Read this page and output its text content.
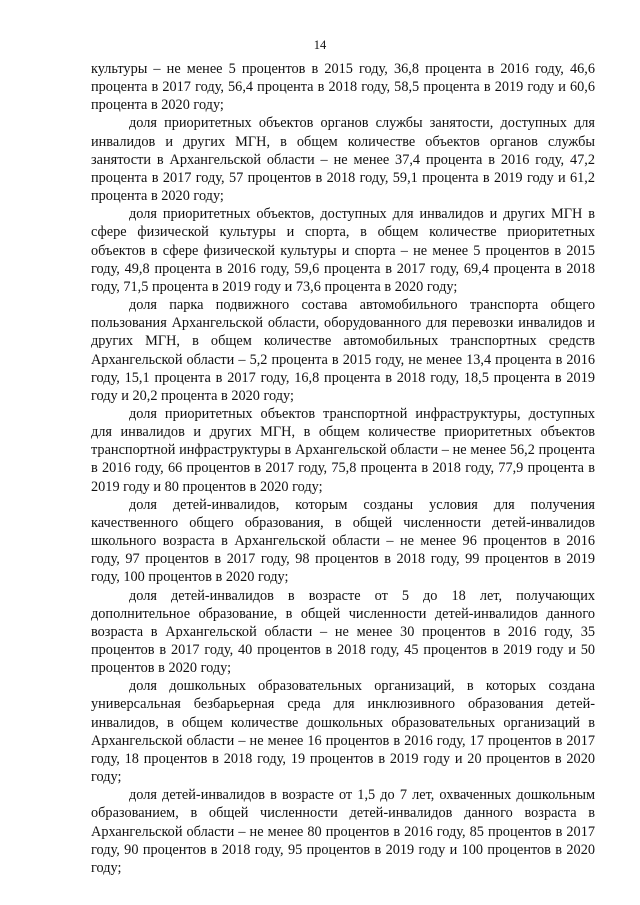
14

культуры – не менее 5 процентов в 2015 году, 36,8 процента в 2016 году, 46,6 процента в 2017 году, 56,4 процента в 2018 году, 58,5 процента в 2019 году и 60,6 процента в 2020 году;

доля приоритетных объектов органов службы занятости, доступных для инвалидов и других МГН, в общем количестве объектов органов службы занятости в Архангельской области – не менее 37,4 процента в 2016 году, 47,2 процента в 2017 году, 57 процентов в 2018 году, 59,1 процента в 2019 году и 61,2 процента в 2020 году;

доля приоритетных объектов, доступных для инвалидов и других МГН в сфере физической культуры и спорта, в общем количестве приоритетных объектов в сфере физической культуры и спорта – не менее 5 процентов в 2015 году, 49,8 процента в 2016 году, 59,6 процента в 2017 году, 69,4 процента в 2018 году, 71,5 процента в 2019 году и 73,6 процента в 2020 году;

доля парка подвижного состава автомобильного транспорта общего пользования Архангельской области, оборудованного для перевозки инвалидов и других МГН, в общем количестве автомобильных транспортных средств Архангельской области – 5,2 процента в 2015 году, не менее 13,4 процента в 2016 году, 15,1 процента в 2017 году, 16,8 процента в 2018 году, 18,5 процента в 2019 году и 20,2 процента в 2020 году;

доля приоритетных объектов транспортной инфраструктуры, доступных для инвалидов и других МГН, в общем количестве приоритетных объектов транспортной инфраструктуры в Архангельской области – не менее 56,2 процента в 2016 году, 66 процентов в 2017 году, 75,8 процента в 2018 году, 77,9 процента в 2019 году и 80 процентов в 2020 году;

доля детей-инвалидов, которым созданы условия для получения качественного общего образования, в общей численности детей-инвалидов школьного возраста в Архангельской области – не менее 96 процентов в 2016 году, 97 процентов в 2017 году, 98 процентов в 2018 году, 99 процентов в 2019 году, 100 процентов в 2020 году;

доля детей-инвалидов в возрасте от 5 до 18 лет, получающих дополнительное образование, в общей численности детей-инвалидов данного возраста в Архангельской области – не менее 30 процентов в 2016 году, 35 процентов в 2017 году, 40 процентов в 2018 году, 45 процентов в 2019 году и 50 процентов в 2020 году;

доля дошкольных образовательных организаций, в которых создана универсальная безбарьерная среда для инклюзивного образования детей-инвалидов, в общем количестве дошкольных образовательных организаций в Архангельской области – не менее 16 процентов в 2016 году, 17 процентов в 2017 году, 18 процентов в 2018 году, 19 процентов в 2019 году и 20 процентов в 2020 году;

доля детей-инвалидов в возрасте от 1,5 до 7 лет, охваченных дошкольным образованием, в общей численности детей-инвалидов данного возраста в Архангельской области – не менее 80 процентов в 2016 году, 85 процентов в 2017 году, 90 процентов в 2018 году, 95 процентов в 2019 году и 100 процентов в 2020 году;
